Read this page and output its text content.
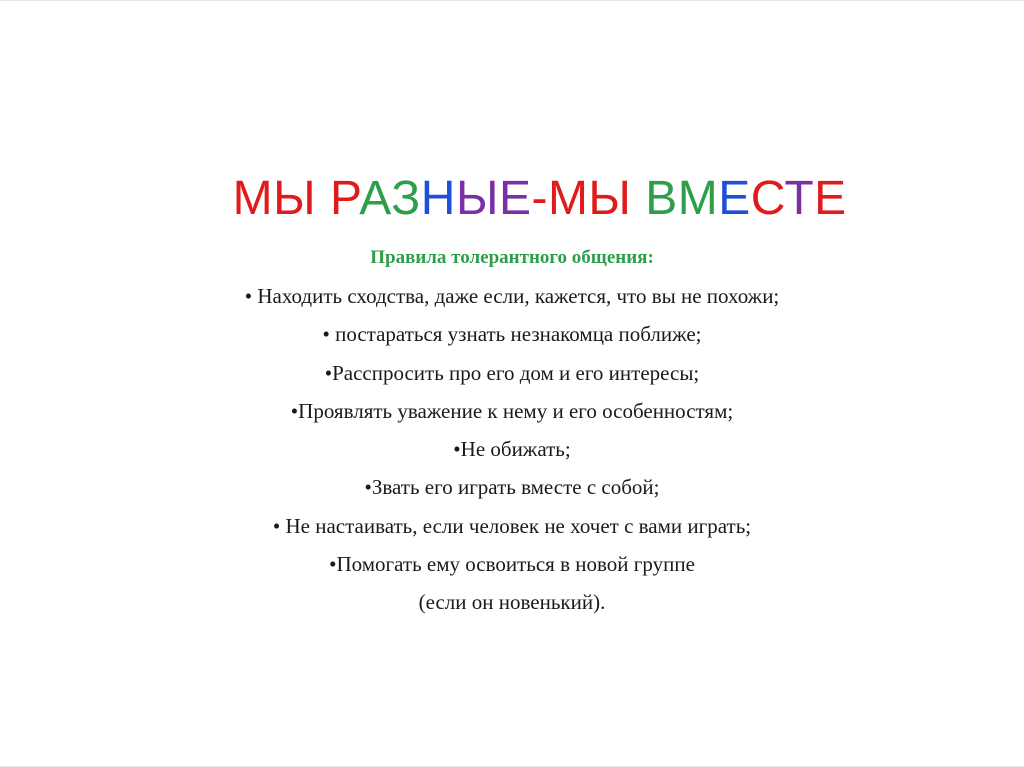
МЫ РАЗНЫЕ-МЫ ВМЕСТЕ

Правила толерантного общения:
• Находить сходства, даже если, кажется, что вы не похожи;
• постараться узнать незнакомца поближе;
•Расспросить про его дом и его интересы;
•Проявлять уважение к нему и его особенностям;
•Не обижать;
•Звать его играть вместе с собой;
• Не настаивать, если человек не хочет с вами играть;
•Помогать ему освоиться в новой группе
(если он новенький).
